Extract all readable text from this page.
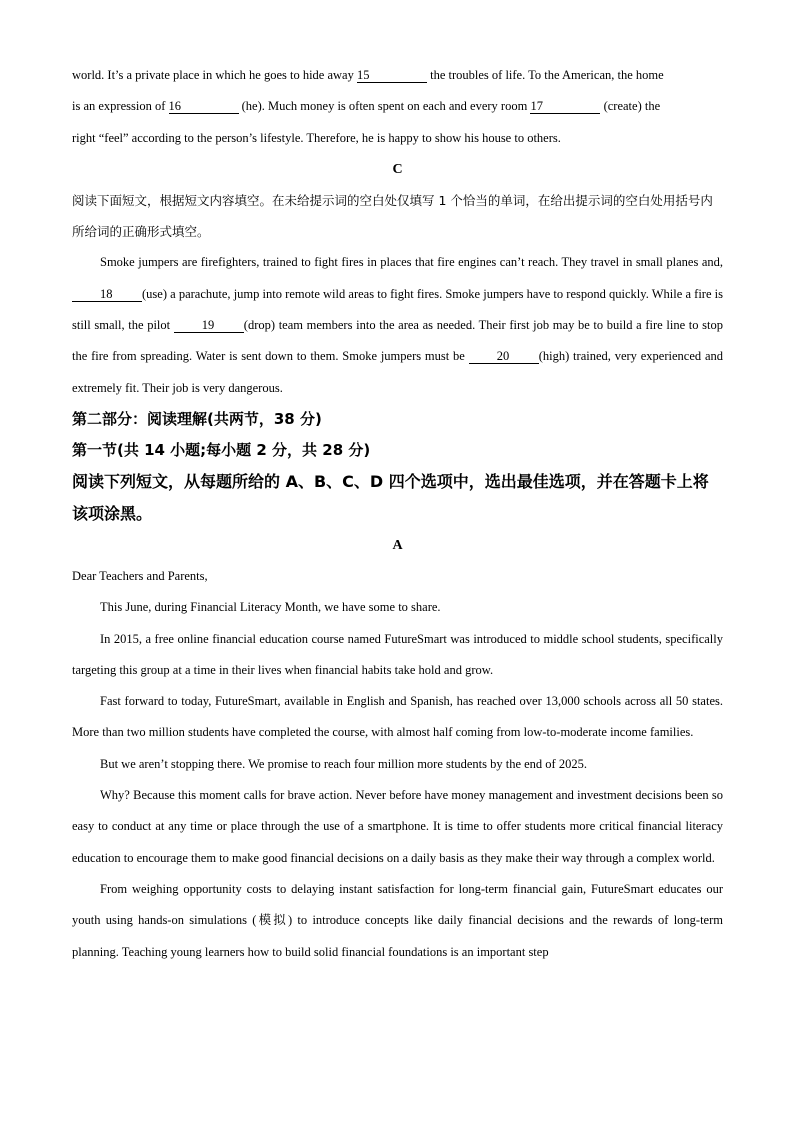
world. It’s a private place in which he goes to hide away 15	the troubles of life. To the American, the home
is an expression of 16	(he). Much money is often spent on each and every room 17	(create) the
right “feel” according to the person’s lifestyle. Therefore, he is happy to show his house to others.
C
阅读下面短文，根据短文内容填空。在未给提示词的空白处仅填写 1 个恰当的单词，在给出提示词的空白处用括号内所给词的正确形式填空。
Smoke jumpers are firefighters, trained to fight fires in places that fire engines can’t reach. They travel in small planes and, 18 (use) a parachute, jump into remote wild areas to fight fires. Smoke jumpers have to respond quickly. While a fire is still small, the pilot 19 (drop) team members into the area as needed. Their first job may be to build a fire line to stop the fire from spreading. Water is sent down to them. Smoke jumpers must be 20 (high) trained, very experienced and extremely fit. Their job is very dangerous.
第二部分：阅读理解(共两节，38 分)
第一节(共 14 小题;每小题 2 分，共 28 分)
阅读下列短文，从每题所给的 A、B、C、D 四个选项中，选出最佳选项，并在答题卡上将该项涂黑。
A
Dear Teachers and Parents,
This June, during Financial Literacy Month, we have some to share.
In 2015, a free online financial education course named FutureSmart was introduced to middle school students, specifically targeting this group at a time in their lives when financial habits take hold and grow.
Fast forward to today, FutureSmart, available in English and Spanish, has reached over 13,000 schools across all 50 states. More than two million students have completed the course, with almost half coming from low-to-moderate income families.
But we aren’t stopping there. We promise to reach four million more students by the end of 2025.
Why? Because this moment calls for brave action. Never before have money management and investment decisions been so easy to conduct at any time or place through the use of a smartphone. It is time to offer students more critical financial literacy education to encourage them to make good financial decisions on a daily basis as they make their way through a complex world.
From weighing opportunity costs to delaying instant satisfaction for long-term financial gain, FutureSmart educates our youth using hands-on simulations (模拟) to introduce concepts like daily financial decisions and the rewards of long-term planning. Teaching young learners how to build solid financial foundations is an important step
